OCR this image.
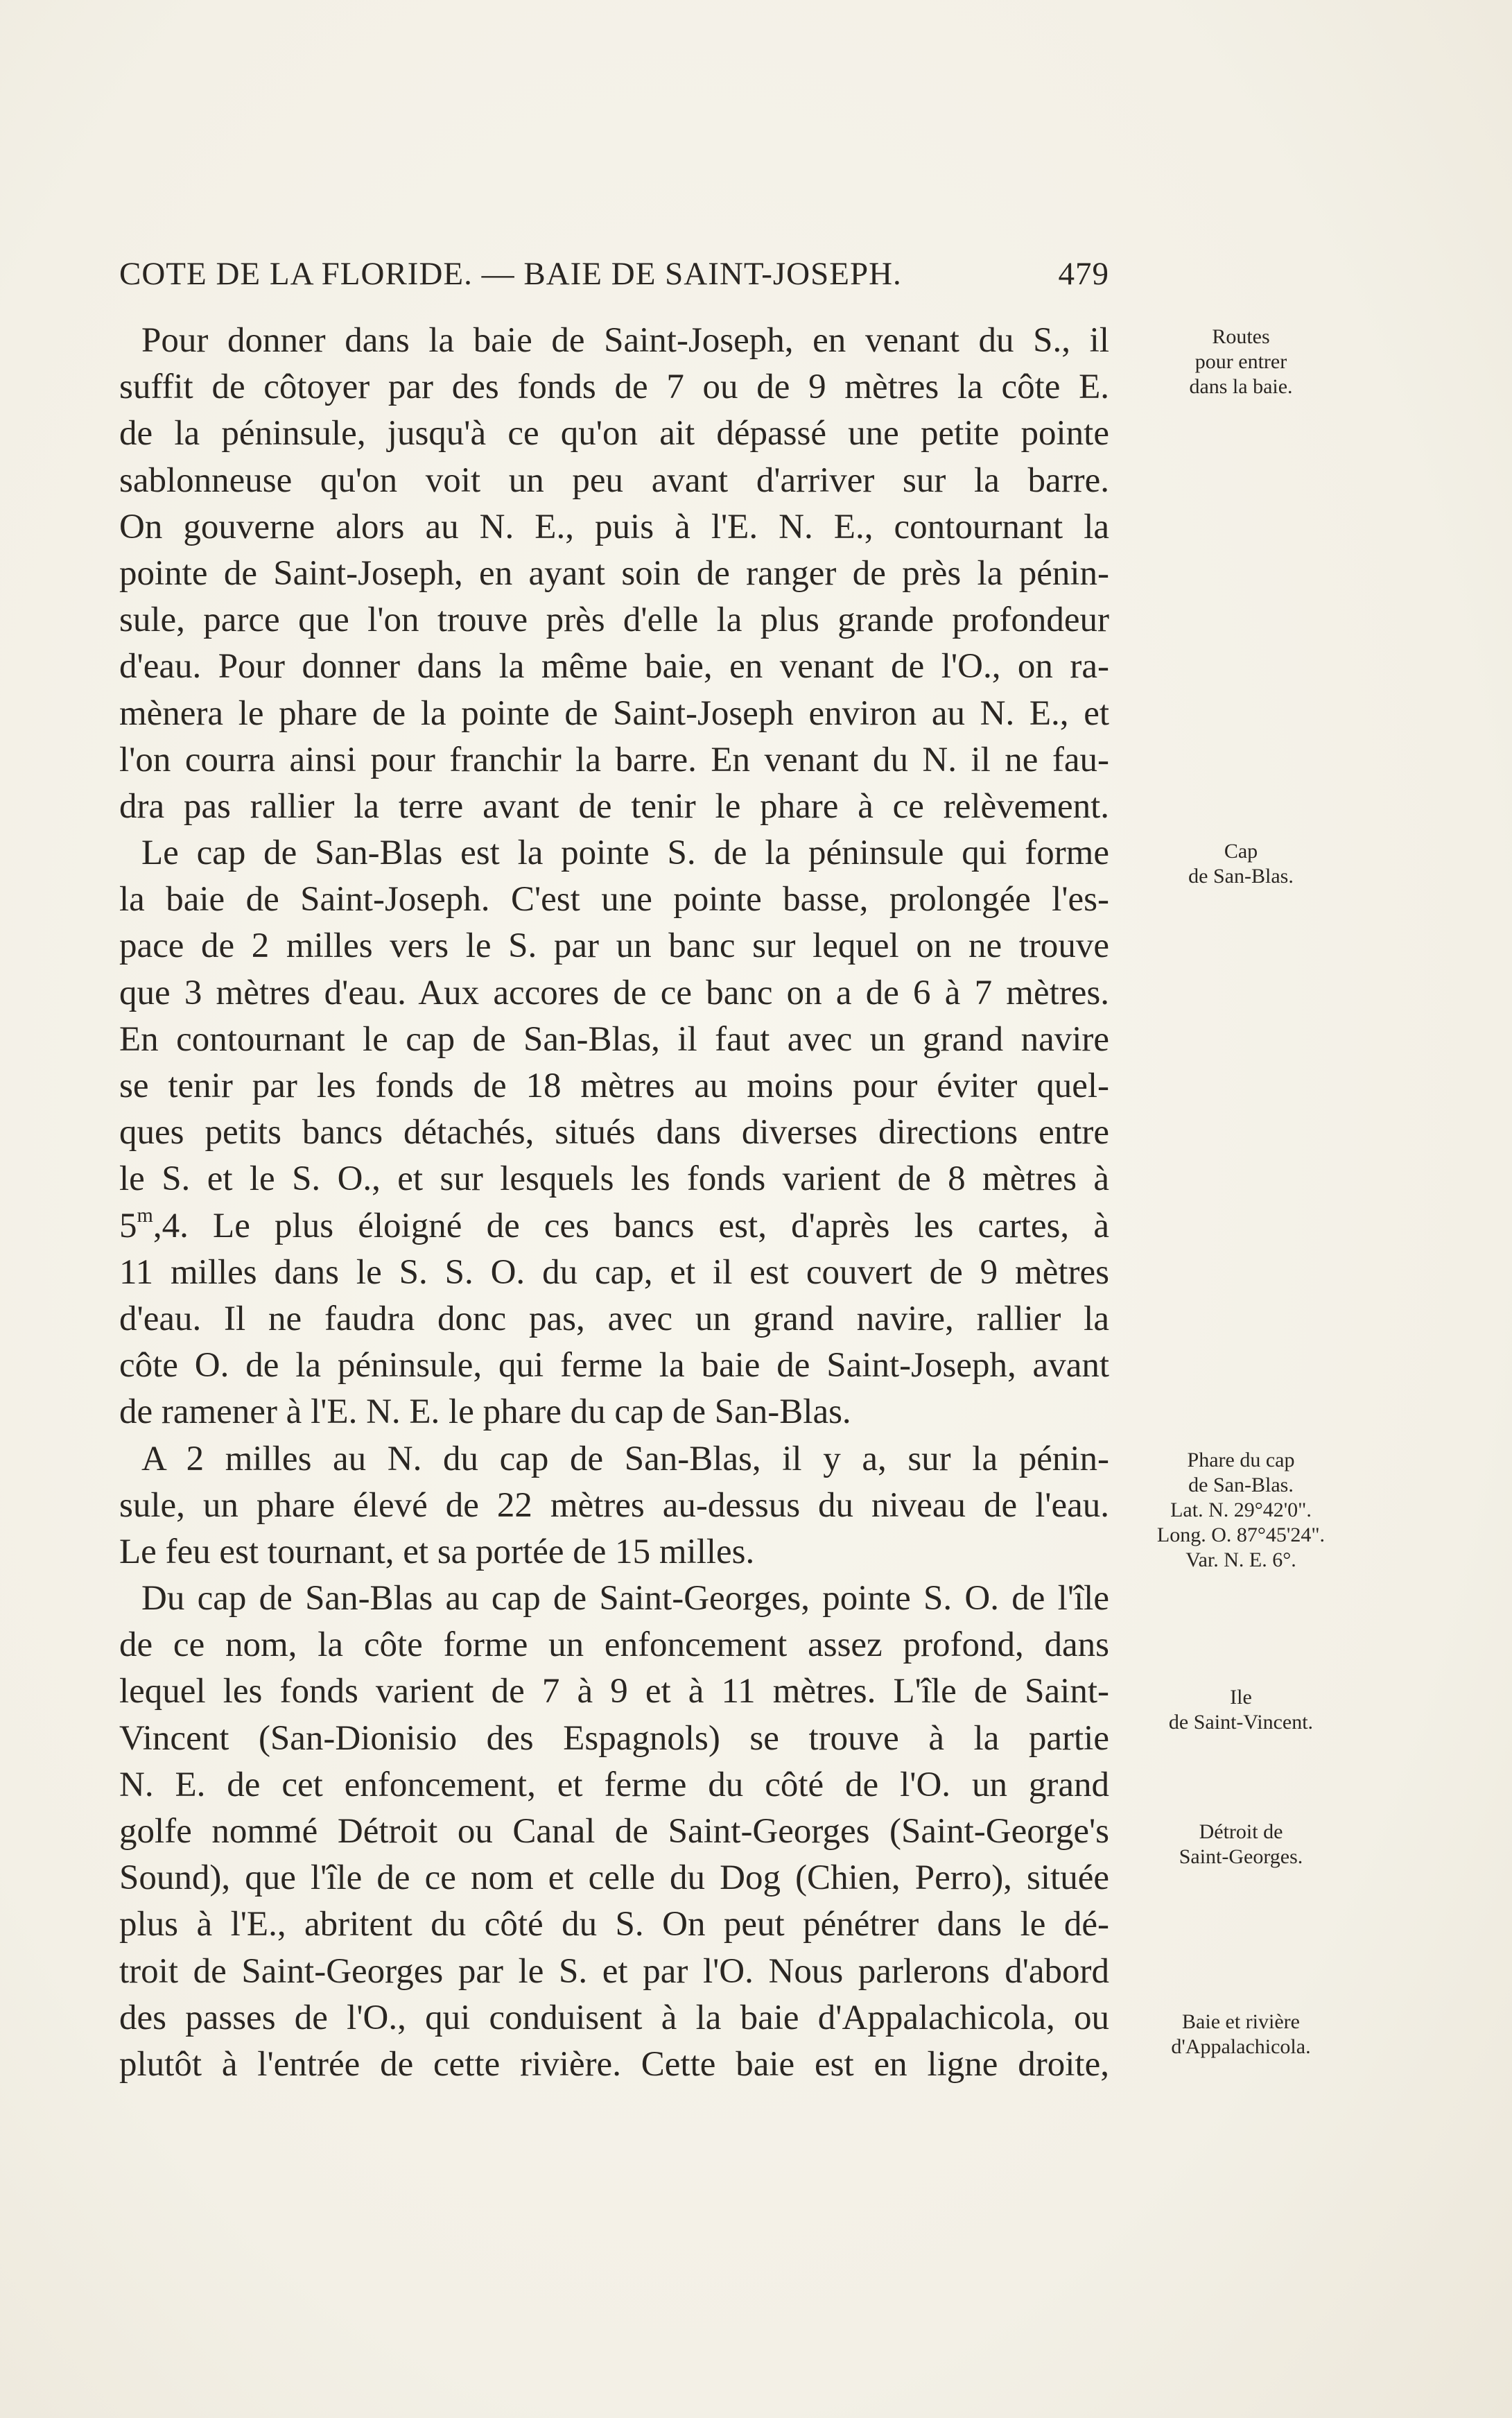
COTE DE LA FLORIDE. — BAIE DE SAINT-JOSEPH.	479
Pour donner dans la baie de Saint-Joseph, en venant du S., il
suffit de côtoyer par des fonds de 7 ou de 9 mètres la côte E.
de la péninsule, jusqu'à ce qu'on ait dépassé une petite pointe
sablonneuse qu'on voit un peu avant d'arriver sur la barre.
On gouverne alors au N. E., puis à l'E. N. E., contournant la
pointe de Saint-Joseph, en ayant soin de ranger de près la pénin-
sule, parce que l'on trouve près d'elle la plus grande profondeur
d'eau. Pour donner dans la même baie, en venant de l'O., on ra-
mènera le phare de la pointe de Saint-Joseph environ au N. E., et
l'on courra ainsi pour franchir la barre. En venant du N. il ne fau-
dra pas rallier la terre avant de tenir le phare à ce relèvement.
Le cap de San-Blas est la pointe S. de la péninsule qui forme
la baie de Saint-Joseph. C'est une pointe basse, prolongée l'es-
pace de 2 milles vers le S. par un banc sur lequel on ne trouve
que 3 mètres d'eau. Aux accores de ce banc on a de 6 à 7 mètres.
En contournant le cap de San-Blas, il faut avec un grand navire
se tenir par les fonds de 18 mètres au moins pour éviter quel-
ques petits bancs détachés, situés dans diverses directions entre
le S. et le S. O., et sur lesquels les fonds varient de 8 mètres à
5$^m$,4. Le plus éloigné de ces bancs est, d'après les cartes, à
11 milles dans le S. S. O. du cap, et il est couvert de 9 mètres
d'eau. Il ne faudra donc pas, avec un grand navire, rallier la
côte O. de la péninsule, qui ferme la baie de Saint-Joseph, avant
de ramener à l'E. N. E. le phare du cap de San-Blas.
A 2 milles au N. du cap de San-Blas, il y a, sur la pénin-
sule, un phare élevé de 22 mètres au-dessus du niveau de l'eau.
Le feu est tournant, et sa portée de 15 milles.
Du cap de San-Blas au cap de Saint-Georges, pointe S. O. de l'île
de ce nom, la côte forme un enfoncement assez profond, dans
lequel les fonds varient de 7 à 9 et à 11 mètres. L'île de Saint-
Vincent (San-Dionisio des Espagnols) se trouve à la partie
N. E. de cet enfoncement, et ferme du côté de l'O. un grand
golfe nommé Détroit ou Canal de Saint-Georges (Saint-George's
Sound), que l'île de ce nom et celle du Dog (Chien, Perro), située
plus à l'E., abritent du côté du S. On peut pénétrer dans le dé-
troit de Saint-Georges par le S. et par l'O. Nous parlerons d'abord
des passes de l'O., qui conduisent à la baie d'Appalachicola, ou
plutôt à l'entrée de cette rivière. Cette baie est en ligne droite,
Routes
pour entrer
dans la baie.
Cap
de San-Blas.
Phare du cap
de San-Blas.
Lat. N. 29°42'0".
Long. O. 87°45'24".
Var. N. E. 6°.
Ile
de Saint-Vincent.
Détroit de
Saint-Georges.
Baie et rivière
d'Appalachicola.
